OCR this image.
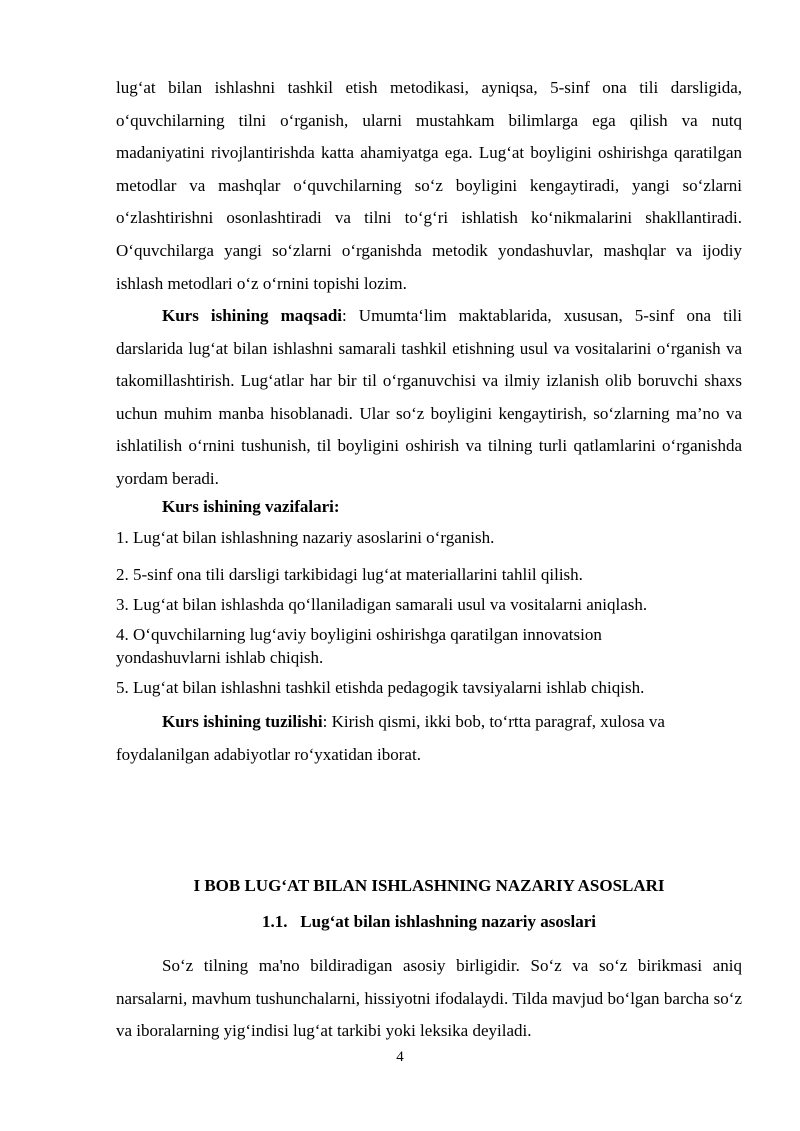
lug‘at bilan ishlashni tashkil etish metodikasi, ayniqsa, 5-sinf ona tili darsligida, o‘quvchilarning tilni o‘rganish, ularni mustahkam bilimlarga ega qilish va nutq madaniyatini rivojlantirishda katta ahamiyatga ega. Lug‘at boyligini oshirishga qaratilgan metodlar va mashqlar o‘quvchilarning so‘z boyligini kengaytiradi, yangi so‘zlarni o‘zlashtirishni osonlashtiradi va tilni to‘g‘ri ishlatish ko‘nikmalarini shakllantiradi. O‘quvchilarga yangi so‘zlarni o‘rganishda metodik yondashuvlar, mashqlar va ijodiy ishlash metodlari o‘z o‘rnini topishi lozim.

Kurs ishining maqsadi: Umumta‘lim maktablarida, xususan, 5-sinf ona tili darslarida lug‘at bilan ishlashni samarali tashkil etishning usul va vositalarini o‘rganish va takomillashtirish. Lug‘atlar har bir til o‘rganuvchisi va ilmiy izlanish olib boruvchi shaxs uchun muhim manba hisoblanadi. Ular so‘z boyligini kengaytirish, so‘zlarning ma’no va ishlatilish o‘rnini tushunish, til boyligini oshirish va tilning turli qatlamlarini o‘rganishda yordam beradi.

Kurs ishining vazifalari:

1. Lug‘at bilan ishlashning nazariy asoslarini o‘rganish.

2. 5-sinf ona tili darsligi tarkibidagi lug‘at materiallarini tahlil qilish.

3. Lug‘at bilan ishlashda qo‘llaniladigan samarali usul va vositalarni aniqlash.

4. O‘quvchilarning lug‘aviy boyligini oshirishga qaratilgan innovatsion yondashuvlarni ishlab chiqish.

5. Lug‘at bilan ishlashni tashkil etishda pedagogik tavsiyalarni ishlab chiqish.

Kurs ishining tuzilishi: Kirish qismi, ikki bob, to‘rtta paragraf, xulosa va foydalanilgan adabiyotlar ro‘yxatidan iborat.

I BOB LUG‘AT BILAN ISHLASHNING NAZARIY ASOSLARI

1.1.   Lug‘at bilan ishlashning nazariy asoslari

So‘z tilning ma'no bildiradigan asosiy birligidir. So‘z va so‘z birikmasi aniq narsalarni, mavhum tushunchalarni, hissiyotni ifodalaydi. Tilda mavjud bo‘lgan barcha so‘z va iboralarning yig‘indisi lug‘at tarkibi yoki leksika deyiladi.

4
